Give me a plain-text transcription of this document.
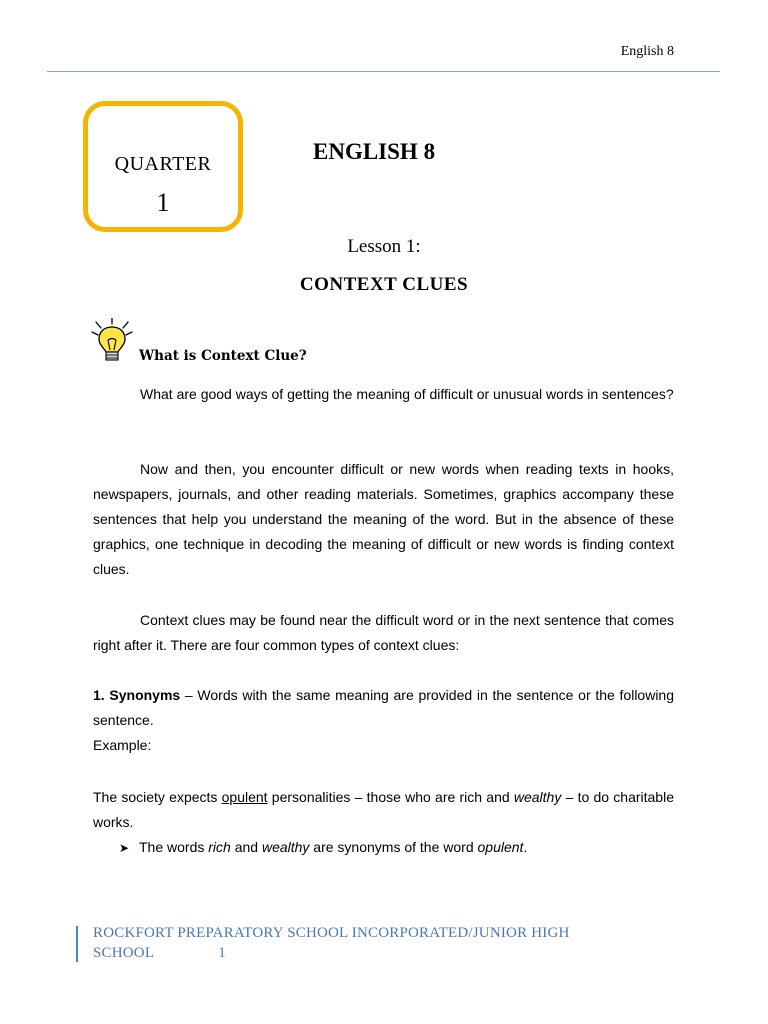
English 8
QUARTER
1
ENGLISH 8
Lesson 1:
CONTEXT CLUES
What is Context Clue?
What are good ways of getting the meaning of difficult or unusual words in sentences?
Now and then, you encounter difficult or new words when reading texts in hooks, newspapers, journals, and other reading materials. Sometimes, graphics accompany these sentences that help you understand the meaning of the word. But in the absence of these graphics, one technique in decoding the meaning of difficult or new words is finding context clues.
Context clues may be found near the difficult word or in the next sentence that comes right after it. There are four common types of context clues:
1. Synonyms – Words with the same meaning are provided in the sentence or the following sentence.
Example:
The society expects opulent personalities – those who are rich and wealthy – to do charitable works.
➤ The words rich and wealthy are synonyms of the word opulent.
ROCKFORT PREPARATORY SCHOOL INCORPORATED/JUNIOR HIGH SCHOOL	1
